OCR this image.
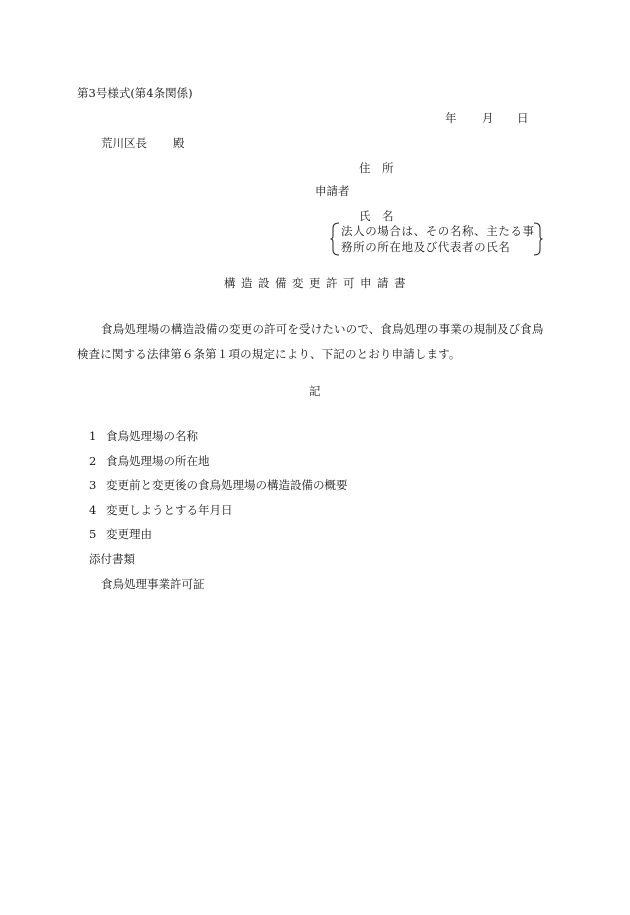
第3号様式(第4条関係)
年 月 日
荒川区長 殿
住　所
申請者
氏　名
法人の場合は、その名称、主たる事
務所の所在地及び代表者の氏名
構造設備変更許可申請書
食鳥処理場の構造設備の変更の許可を受けたいので、食鳥処理の事業の規制及び食鳥
検査に関する法律第６条第１項の規定により、下記のとおり申請します。
記
1 食鳥処理場の名称
2 食鳥処理場の所在地
3 変更前と変更後の食鳥処理場の構造設備の概要
4 変更しようとする年月日
5 変更理由
添付書類
食鳥処理事業許可証
